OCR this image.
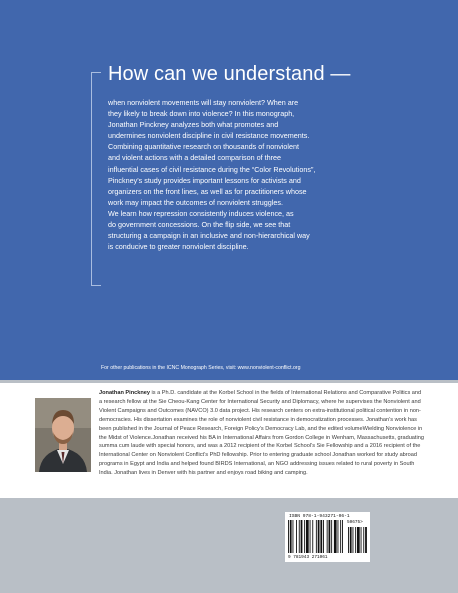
How can we understand —

when nonviolent movements will stay nonviolent? When are

they likely to break down into violence? In this monograph,

Jonathan Pinckney analyzes both what promotes and

undermines nonviolent discipline in civil resistance movements.

Combining quantitative research on thousands of nonviolent

and violent actions with a detailed comparison of three

influential cases of civil resistance during the “Color Revolutions”,

Pinckney’s study provides important lessons for activists and

organizers on the front lines, as well as for practitioners whose

work may impact the outcomes of nonviolent struggles.

We learn how repression consistently induces violence, as

do government concessions. On the flip side, we see that

structuring a campaign in an inclusive and non-hierarchical way

is conducive to greater nonviolent discipline.

For other publications in the ICNC Monograph Series, visit: www.nonviolent-conflict.org

Jonathan Pinckney is a Ph.D. candidate at the Korbel School in the fields of International Relations and Comparative Politics and a research fellow at the Sie Cheou-Kang Center for International Security and Diplomacy, where he supervises the Nonviolent and Violent Campaigns and Outcomes (NAVCO) 3.0 data project. His research centers on extra-institutional political contention in non-democracies. His dissertation examines the role of nonviolent civil resistance in democratization processes. Jonathan’s work has been published in the Journal of Peace Research, Foreign Policy’s Democracy Lab, and the edited volumeWielding Nonviolence in the Midst of Violence.Jonathan received his BA in International Affairs from Gordon College in Wenham, Massachusetts, graduating summa cum laude with special honors, and was a 2012 recipient of the Korbel School’s Sie Fellowship and a 2016 recipient of the International Center on Nonviolent Conflict’s PhD fellowship. Prior to entering graduate school Jonathan worked for study abroad programs in Egypt and India and helped found BIRDS International, an NGO addressing issues related to rural poverty in South India. Jonathan lives in Denver with his partner and enjoys road biking and camping.

ISBN 978-1-943271-06-1
50675>
9 781943 271061
